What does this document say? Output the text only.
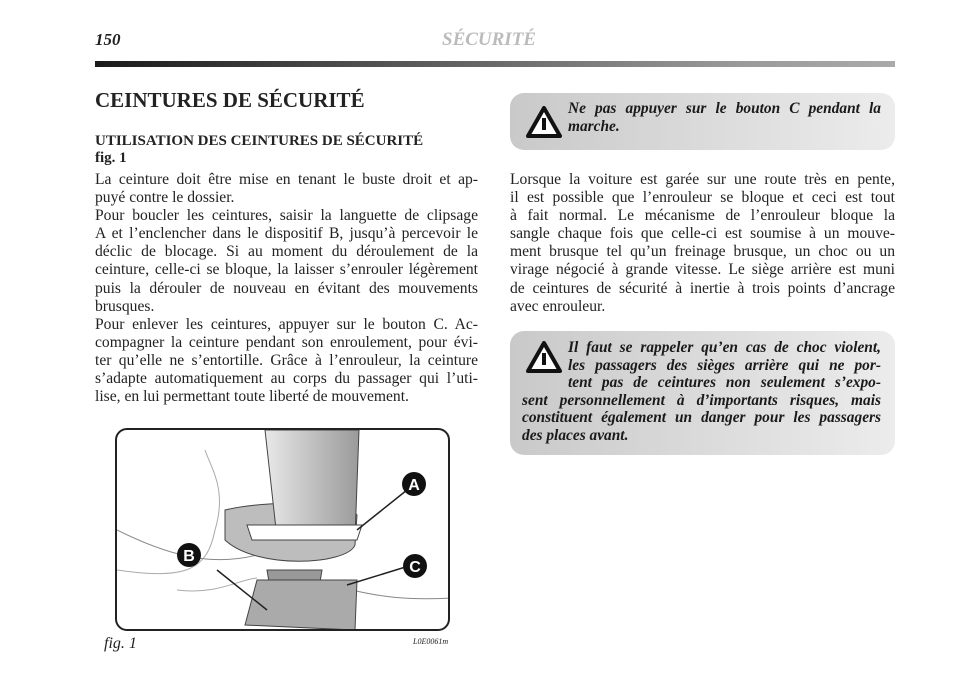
150	SÉCURITÉ
CEINTURES DE SÉCURITÉ
UTILISATION DES CEINTURES DE SÉCURITÉ
fig. 1
La ceinture doit être mise en tenant le buste droit et ap-
puyé contre le dossier.
Pour boucler les ceintures, saisir la languette de clipsage
A et l’enclencher dans le dispositif B, jusqu’à percevoir le
déclic de blocage. Si au moment du déroulement de la
ceinture, celle-ci se bloque, la laisser s’enrouler légèrement
puis la dérouler de nouveau en évitant des mouvements
brusques.
Pour enlever les ceintures, appuyer sur le bouton C. Ac-
compagner la ceinture pendant son enroulement, pour évi-
ter qu’elle ne s’entortille. Grâce à l’enrouleur, la ceinture
s’adapte automatiquement au corps du passager qui l’uti-
lise, en lui permettant toute liberté de mouvement.
Lorsque la voiture est garée sur une route très en pente,
il est possible que l’enrouleur se bloque et ceci est tout
à fait normal. Le mécanisme de l’enrouleur bloque la
sangle chaque fois que celle-ci est soumise à un mouve-
ment brusque tel qu’un freinage brusque, un choc ou un
virage négocié à grande vitesse. Le siège arrière est muni
de ceintures de sécurité à inertie à trois points d’ancrage
avec enrouleur.
Ne pas appuyer sur le bouton C pendant la
marche.
Il faut se rappeler qu’en cas de choc violent,
les passagers des sièges arrière qui ne por-
tent pas de ceintures non seulement s’expo-
sent personnellement à d’importants risques, mais
constituent également un danger pour les passagers
des places avant.
A
B
C
fig. 1	L0E0061m
